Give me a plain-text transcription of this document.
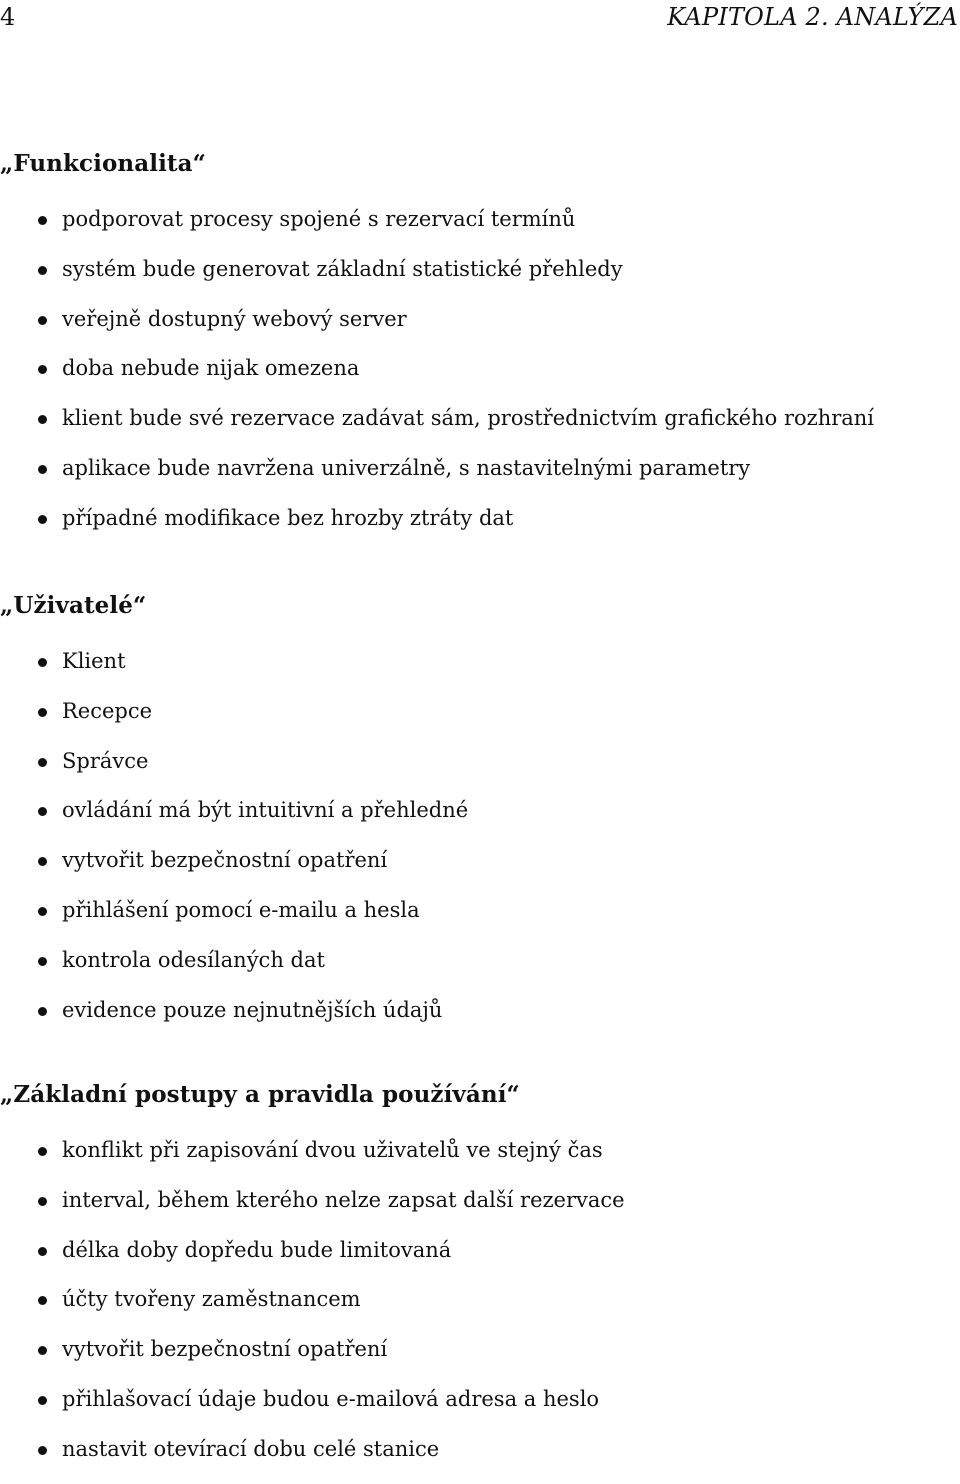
4	KAPITOLA 2. ANALÝZA
„Funkcionalita“
podporovat procesy spojené s rezervací termínů
systém bude generovat základní statistické přehledy
veřejně dostupný webový server
doba nebude nijak omezena
klient bude své rezervace zadávat sám, prostřednictvím grafického rozhraní
aplikace bude navržena univerzálně, s nastavitelnými parametry
případné modifikace bez hrozby ztráty dat
„Uživatelé“
Klient
Recepce
Správce
ovládání má být intuitivní a přehledné
vytvořit bezpečnostní opatření
přihlášení pomocí e-mailu a hesla
kontrola odesílaných dat
evidence pouze nejnutnějších údajů
„Základní postupy a pravidla používání“
konflikt při zapisování dvou uživatelů ve stejný čas
interval, během kterého nelze zapsat další rezervace
délka doby dopředu bude limitovaná
účty tvořeny zaměstnancem
vytvořit bezpečnostní opatření
přihlašovací údaje budou e-mailová adresa a heslo
nastavit otevírací dobu celé stanice
